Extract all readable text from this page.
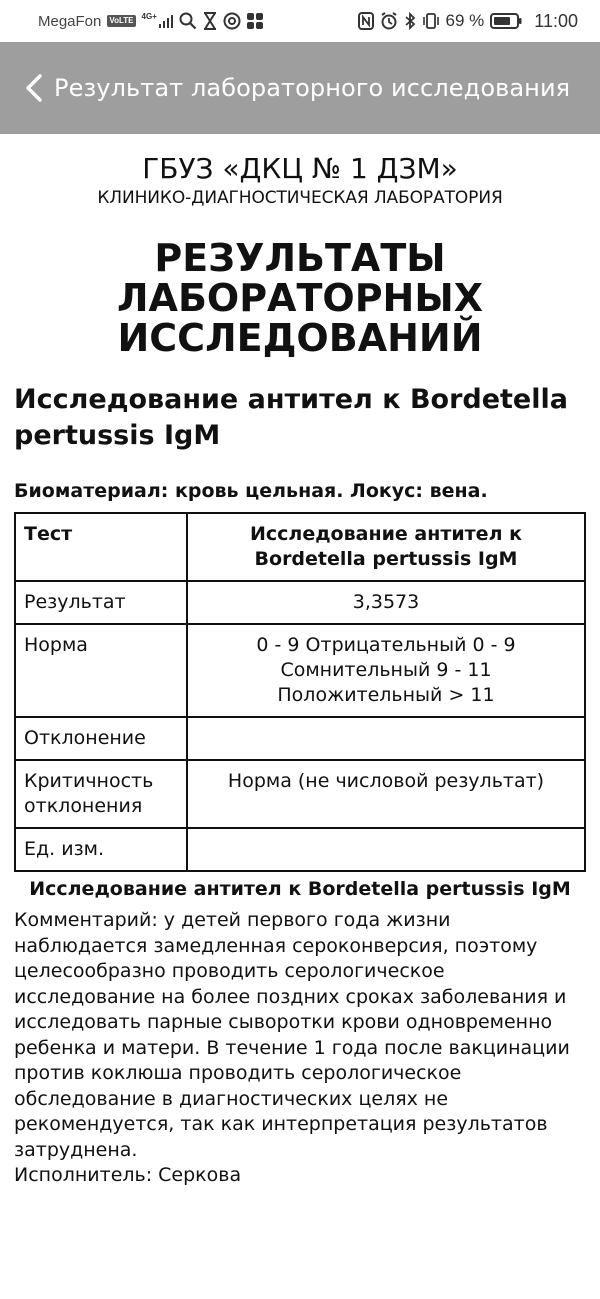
MegaFon VoLTE 4G+	69 %	11:00
Результат лабораторного исследования
ГБУЗ «ДКЦ № 1 ДЗМ»
КЛИНИКО-ДИАГНОСТИЧЕСКАЯ ЛАБОРАТОРИЯ
РЕЗУЛЬТАТЫ ЛАБОРАТОРНЫХ ИССЛЕДОВАНИЙ
Исследование антител к Bordetella pertussis IgM
Биоматериал: кровь цельная. Локус: вена.
Тест	Исследование антител к Bordetella pertussis IgM
Результат	3,3573
Норма	0 - 9 Отрицательный 0 - 9
Сомнительный 9 - 11
Положительный > 11

Отклонение	
Критичность отклонения	Норма (не числовой результат)
Ед. изм.	
Исследование антител к Bordetella pertussis IgM
Комментарий: у детей первого года жизни наблюдается замедленная сероконверсия, поэтому целесообразно проводить серологическое исследование на более поздних сроках заболевания и исследовать парные сыворотки крови одновременно ребенка и матери. В течение 1 года после вакцинации против коклюша проводить серологическое обследование в диагностических целях не рекомендуется, так как интерпретация результатов затруднена.
Исполнитель: Серкова
